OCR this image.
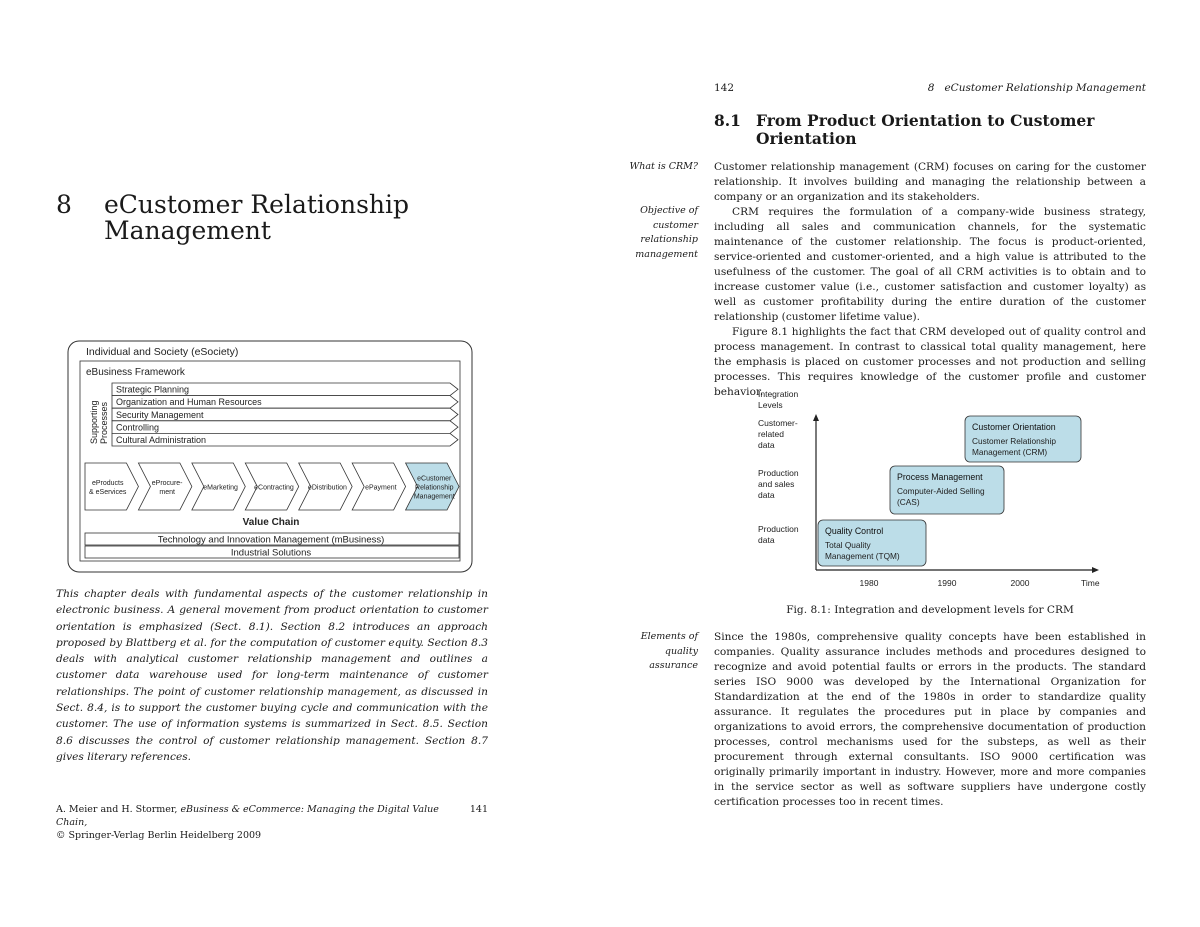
8 eCustomer Relationship Management
Individual and Society (eSociety)
eBusiness Framework
Supporting Processes
Strategic Planning
Organization and Human Resources
Security Management
Controlling
Cultural Administration
eProducts
& eServices
eProcure-
ment
eMarketing eContracting eDistribution	ePayment
eCustomer
Relationship
Management
Value Chain
Technology and Innovation Management (mBusiness)
Industrial Solutions
This chapter deals with fundamental aspects of the customer relationship in electronic business. A general movement from product orientation to customer orientation is emphasized (Sect. 8.1). Section 8.2 introduces an approach proposed by Blattberg et al. for the computation of customer equity. Section 8.3 deals with analytical customer relationship management and outlines a customer data warehouse used for long-term maintenance of customer relationships. The point of customer relationship management, as discussed in Sect. 8.4, is to support the customer buying cycle and communication with the customer. The use of information systems is summarized in Sect. 8.5. Section 8.6 discusses the control of customer relationship management. Section 8.7 gives literary references.
A. Meier and H. Stormer, eBusiness & eCommerce: Managing the Digital Value Chain,
© Springer-Verlag Berlin Heidelberg 2009
141
142	8   eCustomer Relationship Management
8.1 From Product Orientation to Customer Orientation
What is CRM?
Objective of
customer
relationship
management
Elements of
quality
assurance

Customer relationship management (CRM) focuses on caring for the customer relationship. It involves building and managing the relationship between a company or an organization and its stakeholders.

CRM requires the formulation of a company-wide business strategy, including all sales and communication channels, for the systematic maintenance of the customer relationship. The focus is product-oriented, service-oriented and customer-oriented, and a high value is attributed to the usefulness of the customer. The goal of all CRM activities is to obtain and to increase customer value (i.e., customer satisfaction and customer loyalty) as well as customer profitability during the entire duration of the customer relationship (customer lifetime value).

Figure 8.1 highlights the fact that CRM developed out of quality control and process management. In contrast to classical total quality management, here the emphasis is placed on customer processes and not production and selling processes. This requires knowledge of the customer profile and customer behavior.

Integration
Levels
Customer-
related
data
Production
and sales
data
Production
data
Customer Orientation
Customer Relationship
Management (CRM)
Process Management
Computer-Aided Selling
(CAS)
Quality Control
Total Quality
Management (TQM)
1980	1990	2000	Time
Fig. 8.1: Integration and development levels for CRM

Since the 1980s, comprehensive quality concepts have been established in companies. Quality assurance includes methods and procedures designed to recognize and avoid potential faults or errors in the products. The standard series ISO 9000 was developed by the International Organization for Standardization at the end of the 1980s in order to standardize quality assurance. It regulates the procedures put in place by companies and organizations to avoid errors, the comprehensive documentation of production processes, control mechanisms used for the substeps, as well as their procurement through external consultants. ISO 9000 certification was originally primarily important in industry. However, more and more companies in the service sector as well as software suppliers have undergone costly certification processes too in recent times.
